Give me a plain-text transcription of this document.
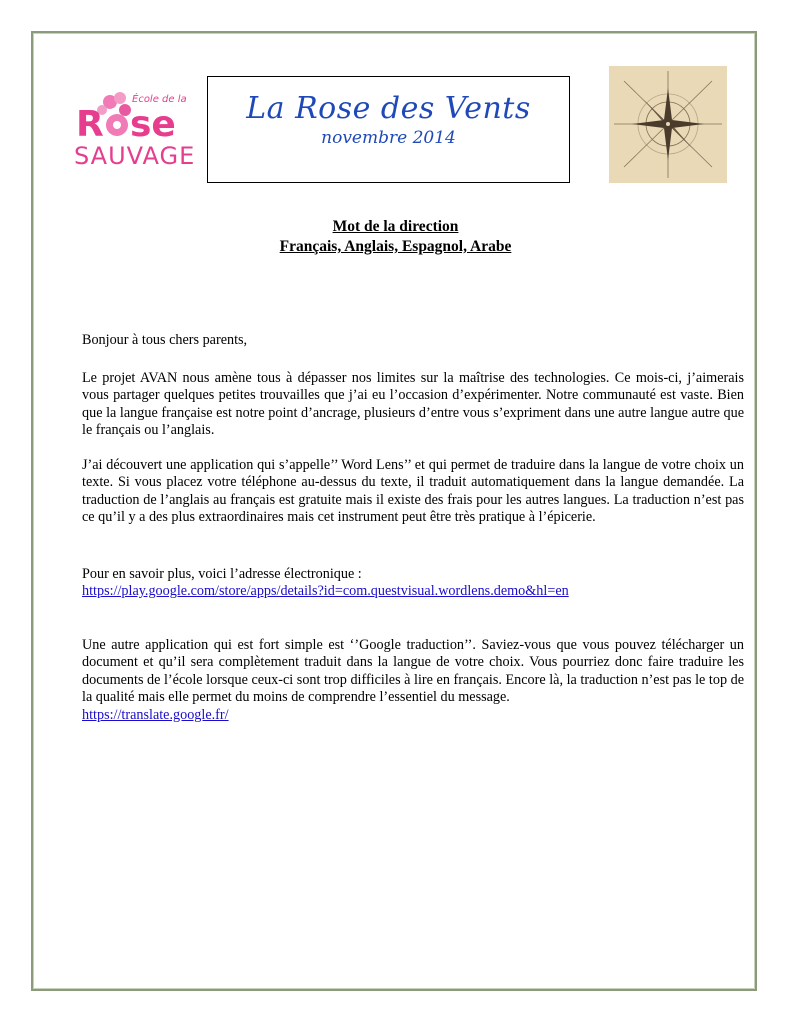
École de la
R se
SAUVAGE
La Rose des Vents
novembre 2014
Mot de la direction
Français, Anglais, Espagnol, Arabe

Bonjour à tous chers parents,

Le projet AVAN nous amène tous à dépasser nos limites sur la maîtrise des technologies. Ce mois-ci, j’aimerais vous partager quelques petites trouvailles que j’ai eu l’occasion d’expérimenter. Notre communauté est vaste. Bien que la langue française est notre point d’ancrage, plusieurs d’entre vous s’expriment dans une autre langue autre que le français ou l’anglais.

J’ai découvert une application qui s’appelle’’ Word Lens’’ et qui permet de traduire dans la langue de votre choix un texte. Si vous placez votre téléphone au-dessus du texte, il traduit automatiquement dans la langue demandée. La traduction de l’anglais au français est gratuite mais il existe des frais pour les autres langues. La traduction n’est pas ce qu’il y a des plus extraordinaires mais cet instrument peut être très pratique à l’épicerie.

Pour en savoir plus, voici l’adresse électronique :

https://play.google.com/store/apps/details?id=com.questvisual.wordlens.demo&hl=en

Une autre application qui est fort simple est ‘’Google traduction’’. Saviez-vous que vous pouvez télécharger un document et qu’il sera complètement traduit dans la langue de votre choix. Vous pourriez donc faire traduire les documents de l’école lorsque ceux-ci sont trop difficiles à lire en français. Encore là, la traduction n’est pas le top de la qualité mais elle permet du moins de comprendre l’essentiel du message.

https://translate.google.fr/
